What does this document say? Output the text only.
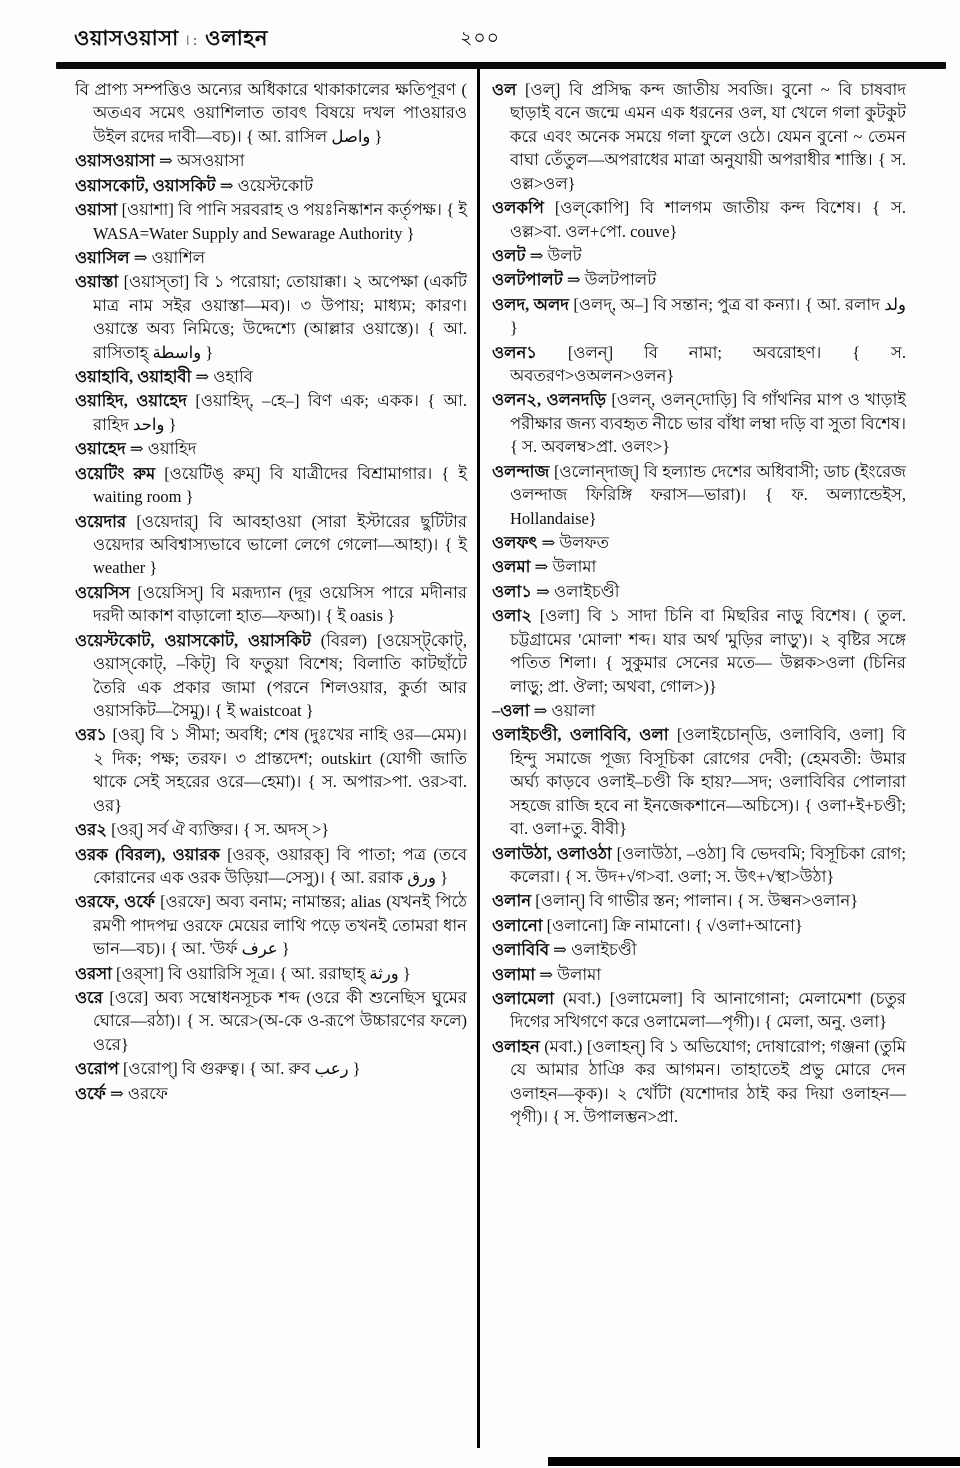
ওয়াসওয়াসা ৷ : ওলাহন	২০০
বি প্রাপ্য সম্পত্তিও অন্যের অধিকারে থাকাকালের ক্ষতিপূরণ ( অতএব সমেৎ ওয়াশিলাত তাবৎ বিষয়ে দখল পাওয়ারও উইল রদের দাবী—বচ)। { আ. রাসিল واصل }
ওয়াসওয়াসা ⇒ অসওয়াসা
ওয়াসকোট, ওয়াসকিট ⇒ ওয়েস্টকোট
ওয়াসা [ওয়াশা] বি পানি সরবরাহ ও পয়ঃনিষ্কাশন কর্তৃপক্ষ। { ই WASA=Water Supply and Sewarage Authority }
ওয়াসিল ⇒ ওয়াশিল
ওয়াস্তা [ওয়াস্‌তা] বি ১ পরোয়া; তোয়াক্কা। ২ অপেক্ষা (একটি মাত্র নাম সইর ওয়াস্তা—মব)। ৩ উপায়; মাধ্যম; কারণ। ওয়াস্তে অব্য নিমিত্তে; উদ্দেশ্যে (আল্লার ওয়াস্তে)। { আ. রাসিতাহ্ واسطة }
ওয়াহাবি, ওয়াহাবী ⇒ ওহাবি
ওয়াহিদ, ওয়াহেদ [ওয়াহিদ্, –হে–] বিণ এক; একক। { আ. রাহিদ واحد }
ওয়াহেদ ⇒ ওয়াহিদ
ওয়েটিং রুম [ওয়েটিঙ্ রুম্] বি যাত্রীদের বিশ্রামাগার। { ই waiting room }
ওয়েদার [ওয়েদার্] বি আবহাওয়া (সারা ইস্টারের ছুটিটার ওয়েদার অবিশ্বাস্যভাবে ভালো লেগে গেলো—আহা)। { ই weather }
ওয়েসিস [ওয়েসিস্] বি মরূদ্যান (দূর ওয়েসিস পারে মদীনার দরদী আকাশ বাড়ালো হাত—ফআ)। { ই oasis }
ওয়েস্টকোট, ওয়াসকোট, ওয়াসকিট (বিরল) [ওয়েস্ট্‌কোট্, ওয়াস্‌কোট্, –কিট্] বি ফতুয়া বিশেষ; বিলাতি কাটছাঁটে তৈরি এক প্রকার জামা (পরনে শিলওয়ার, কুর্তা আর ওয়াসকিট—সৈমু)। { ই waistcoat }
ওর১ [ওর্] বি ১ সীমা; অবধি; শেষ (দুঃখের নাহি ওর—মেম)। ২ দিক; পক্ষ; তরফ। ৩ প্রান্তদেশ; outskirt (যোগী জাতি থাকে সেই সহরের ওরে—হেমা)। { স. অপার>পা. ওর>বা. ওর}
ওর২ [ওর্] সর্ব ঐ ব্যক্তির। { স. অদস্ >}
ওরক (বিরল), ওয়ারক [ওরক্, ওয়ারক্] বি পাতা; পত্র (তবে কোরানের এক ওরক উড়িয়া—সেসু)। { আ. ররাক ورق }
ওরফে, ওর্ফে [ওরফে] অব্য বনাম; নামান্তর; alias (যখনই পিঠে রমণী পাদপদ্ম ওরফে মেয়ের লাথি পড়ে তখনই তোমরা ধান ভান—বচ)। { আ. 'উর্ফ عرف }
ওরসা [ওর্‌সা] বি ওয়ারিসি সূত্র। { আ. ররাছাহ্ ورثة }
ওরে [ওরে] অব্য সম্বোধনসূচক শব্দ (ওরে কী শুনেছিস ঘুমের ঘোরে—রঠা)। { স. অরে>(অ-কে ও-রূপে উচ্চারণের ফলে) ওরে}
ওরোপ [ওরোপ্] বি গুরুত্ব। { আ. রুব رعب }
ওর্ফে ⇒ ওরফে
ওল [ওল্] বি প্রসিদ্ধ কন্দ জাতীয় সবজি। বুনো ~ বি চাষবাদ ছাড়াই বনে জন্মে এমন এক ধরনের ওল, যা খেলে গলা কুটকুট করে এবং অনেক সময়ে গলা ফুলে ওঠে। যেমন বুনো ~ তেমন বাঘা তেঁতুল—অপরাধের মাত্রা অনুযায়ী অপরাধীর শাস্তি। { স. ওল্ল>ওল}
ওলকপি [ওল্‌কোপি] বি শালগম জাতীয় কন্দ বিশেষ। { স. ওল্ল>বা. ওল+পো. couve}
ওলট ⇒ উলট
ওলটপালট ⇒ উলটপালট
ওলদ, অলদ [ওলদ্, অ–] বি সন্তান; পুত্র বা কন্যা। { আ. রলাদ ولد }
ওলন১ [ওলন্] বি নামা; অবরোহণ। { স. অবতরণ>ওঅলন>ওলন}
ওলন২, ওলনদড়ি [ওলন্, ওলন্‌দোড়ি] বি গাঁথনির মাপ ও খাড়াই পরীক্ষার জন্য ব্যবহৃত নীচে ভার বাঁধা লম্বা দড়ি বা সুতা বিশেষ। { স. অবলম্ব>প্রা. ওলং>}
ওলন্দাজ [ওলোন্‌দাজ্] বি হল্যান্ড দেশের অধিবাসী; ডাচ (ইংরেজ ওলন্দাজ ফিরিঙ্গি ফরাস—ভারা)। { ফ. অল্যান্ডেইস, Hollandaise}
ওলফৎ ⇒ উলফত
ওলমা ⇒ উলামা
ওলা১ ⇒ ওলাইচণ্ডী
ওলা২ [ওলা] বি ১ সাদা চিনি বা মিছরির নাড়ু বিশেষ। ( তুল. চট্টগ্রামের 'মোলা' শব্দ। যার অর্থ 'মুড়ির লাড়ু')। ২ বৃষ্টির সঙ্গে পতিত শিলা। { সুকুমার সেনের মতে— উল্লক>ওলা (চিনির লাড়ু; প্রা. ঔলা; অথবা, গোল>)}
–ওলা ⇒ ওয়ালা
ওলাইচণ্ডী, ওলাবিবি, ওলা [ওলাইচোন্‌ডি, ওলাবিবি, ওলা] বি হিন্দু সমাজে পূজ্য বিসূচিকা রোগের দেবী; (হেমবতী: উমার অর্ঘ্য কাড়বে ওলাই–চণ্ডী কি হায়?—সদ; ওলাবিবির পোলারা সহজে রাজি হবে না ইনজেকশানে—অচিসে)। { ওলা+ই+চণ্ডী; বা. ওলা+তু. বীবী}
ওলাউঠা, ওলাওঠা [ওলাউঠা, –ওঠা] বি ভেদবমি; বিসূচিকা রোগ; কলেরা। { স. উদ+√গ>বা. ওলা; স. উৎ+√স্থা>উঠা}
ওলান [ওলান্] বি গাভীর স্তন; পালান। { স. উল্বন>ওলান}
ওলানো [ওলানো] ক্রি নামানো। { √ওলা+আনো}
ওলাবিবি ⇒ ওলাইচণ্ডী
ওলামা ⇒ উলামা
ওলামেলা (মবা.) [ওলামেলা] বি আনাগোনা; মেলামেশা (চতুর দিগের সখিগণে করে ওলামেলা—পৃগী)। { মেলা, অনু. ওলা}
ওলাহন (মবা.) [ওলাহন্] বি ১ অভিযোগ; দোষারোপ; গঞ্জনা (তুমি যে আমার ঠাঞি কর আগমন। তাহাতেই প্রভু মোরে দেন ওলাহন—কৃক)। ২ খোঁটা (যশোদার ঠাই কর দিয়া ওলাহন—পৃগী)। { স. উপালম্ভন>প্রা.
